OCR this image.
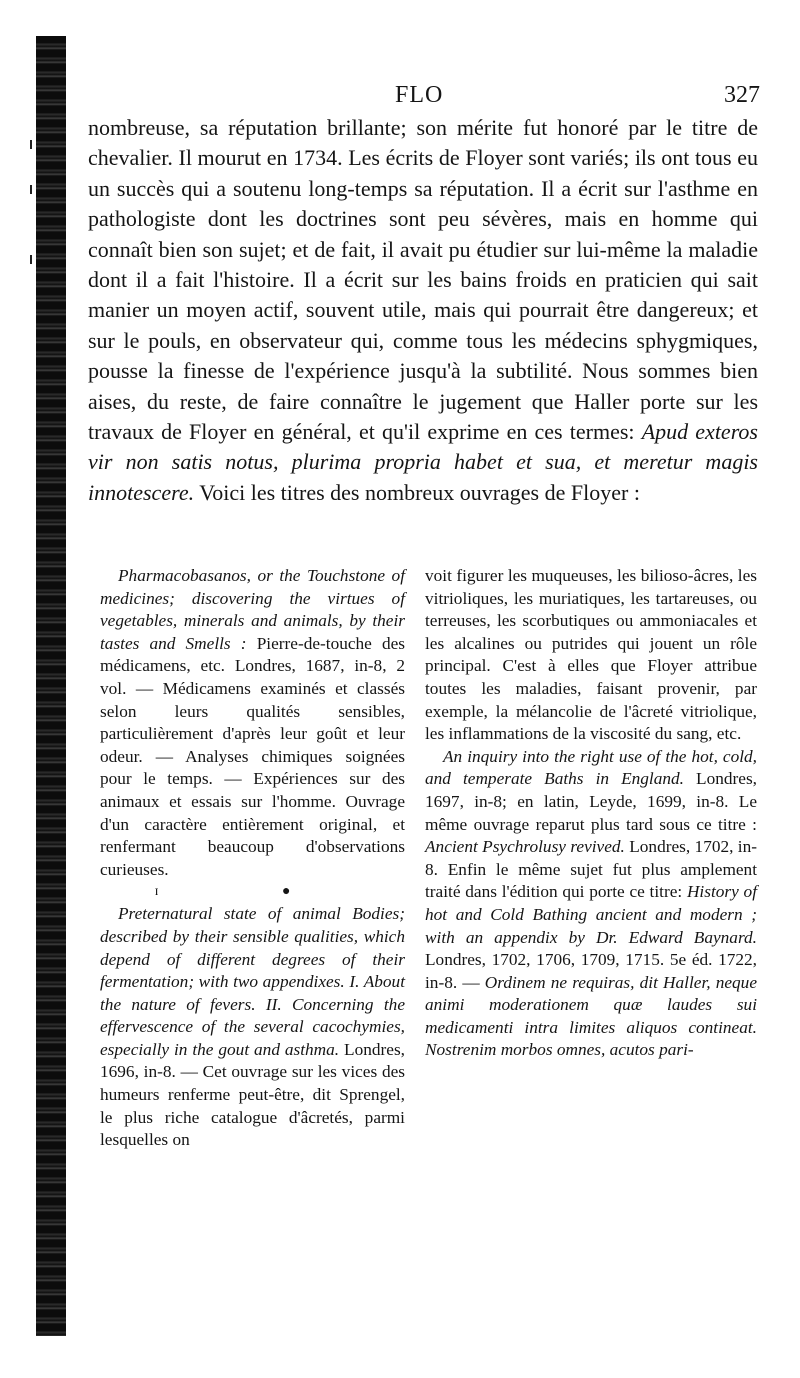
FLO	327

nombreuse, sa réputation brillante; son mérite fut honoré par le titre de chevalier. Il mourut en 1734. Les écrits de Floyer sont variés; ils ont tous eu un succès qui a soutenu long-temps sa réputation. Il a écrit sur l'asthme en pathologiste dont les doctrines sont peu sévères, mais en homme qui connaît bien son sujet; et de fait, il avait pu étudier sur lui-même la maladie dont il a fait l'histoire. Il a écrit sur les bains froids en praticien qui sait manier un moyen actif, souvent utile, mais qui pourrait être dangereux; et sur le pouls, en observateur qui, comme tous les médecins sphygmiques, pousse la finesse de l'expérience jusqu'à la subtilité. Nous sommes bien aises, du reste, de faire connaître le jugement que Haller porte sur les travaux de Floyer en général, et qu'il exprime en ces termes: Apud exteros vir non satis notus, plurima propria habet et sua, et meretur magis innotescere. Voici les titres des nombreux ouvrages de Floyer :

Pharmacobasanos, or the Touchstone of medicines; discovering the virtues of vegetables, minerals and animals, by their tastes and Smells : Pierre-de-touche des médicamens, etc. Londres, 1687, in-8, 2 vol. — Médicamens examinés et classés selon leurs qualités sensibles, particulièrement d'après leur goût et leur odeur. — Analyses chimiques soignées pour le temps. — Expériences sur des animaux et essais sur l'homme. Ouvrage d'un caractère entièrement original, et renfermant beaucoup d'observations curieuses.

ɪ ●

Preternatural state of animal Bodies; described by their sensible qualities, which depend of different degrees of their fermentation; with two appendixes. I. About the nature of fevers. II. Concerning the effervescence of the several cacochymies, especially in the gout and asthma. Londres, 1696, in-8. — Cet ouvrage sur les vices des humeurs renferme peut-être, dit Sprengel, le plus riche catalogue d'âcretés, parmi lesquelles on

voit figurer les muqueuses, les bilioso-âcres, les vitrioliques, les muriatiques, les tartareuses, ou terreuses, les scorbutiques ou ammoniacales et les alcalines ou putrides qui jouent un rôle principal. C'est à elles que Floyer attribue toutes les maladies, faisant provenir, par exemple, la mélancolie de l'âcreté vitriolique, les inflammations de la viscosité du sang, etc.

An inquiry into the right use of the hot, cold, and temperate Baths in England. Londres, 1697, in-8; en latin, Leyde, 1699, in-8. Le même ouvrage reparut plus tard sous ce titre : Ancient Psychrolusy revived. Londres, 1702, in-8. Enfin le même sujet fut plus amplement traité dans l'édition qui porte ce titre: History of hot and Cold Bathing ancient and modern ; with an appendix by Dr. Edward Baynard. Londres, 1702, 1706, 1709, 1715. 5e éd. 1722, in-8. — Ordinem ne requiras, dit Haller, neque animi moderationem quæ laudes sui medicamenti intra limites aliquos contineat. Nostrenim morbos omnes, acutos pari-
